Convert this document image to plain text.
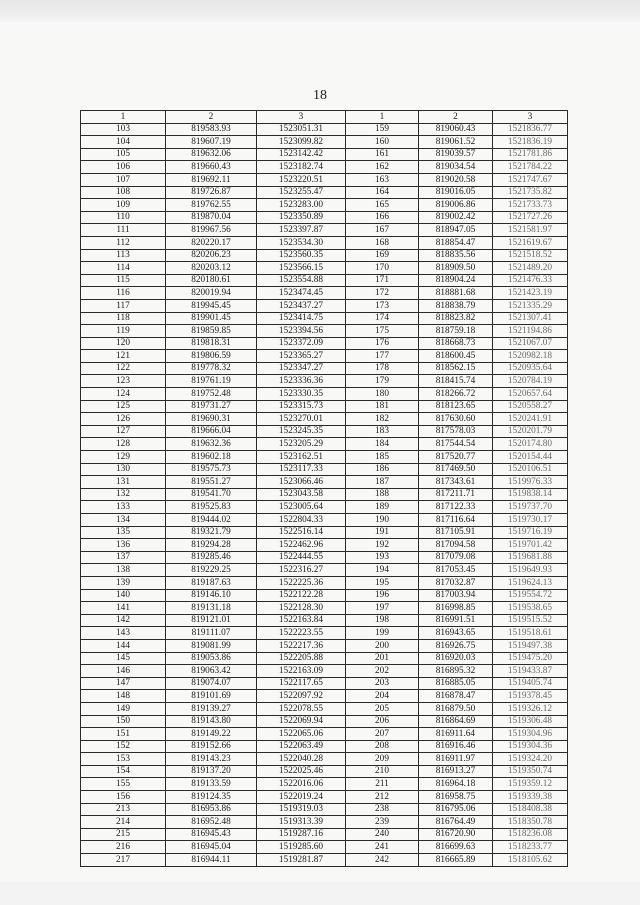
18
1	2	3	1	2	3
103	819583.93	1523051.31	159	819060.43	1521836.77
104	819607.19	1523099.82	160	819061.52	1521836.19
105	819632.06	1523142.42	161	819039.57	1521781.86
106	819660.43	1523182.74	162	819034.54	1521784.22
107	819692.11	1523220.51	163	819020.58	1521747.67
108	819726.87	1523255.47	164	819016.05	1521735.82
109	819762.55	1523283.00	165	819006.86	1521733.73
110	819870.04	1523350.89	166	819002.42	1521727.26
111	819967.56	1523397.87	167	818947.05	1521581.97
112	820220.17	1523534.30	168	818854.47	1521619.67
113	820206.23	1523560.35	169	818835.56	1521518.52
114	820203.12	1523566.15	170	818909.50	1521489.20
115	820180.61	1523554.88	171	818904.24	1521476.33
116	820019.94	1523474.45	172	818881.68	1521423.19
117	819945.45	1523437.27	173	818838.79	1521335.29
118	819901.45	1523414.75	174	818823.82	1521307.41
119	819859.85	1523394.56	175	818759.18	1521194.86
120	819818.31	1523372.09	176	818668.73	1521067.07
121	819806.59	1523365.27	177	818600.45	1520982.18
122	819778.32	1523347.27	178	818562.15	1520935.64
123	819761.19	1523336.36	179	818415.74	1520784.19
124	819752.48	1523330.35	180	818266.72	1520657.64
125	819731.27	1523315.73	181	818123.65	1520558.27
126	819690.31	1523270.01	182	817630.60	1520241.91
127	819666.04	1523245.35	183	817578.03	1520201.79
128	819632.36	1523205.29	184	817544.54	1520174.80
129	819602.18	1523162.51	185	817520.77	1520154.44
130	819575.73	1523117.33	186	817469.50	1520106.51
131	819551.27	1523066.46	187	817343.61	1519976.33
132	819541.70	1523043.58	188	817211.71	1519838.14
133	819525.83	1523005.64	189	817122.33	1519737.70
134	819444.02	1522804.33	190	817116.64	1519730.17
135	819321.79	1522516.14	191	817105.91	1519716.19
136	819294.28	1522462.96	192	817094.58	1519701.42
137	819285.46	1522444.55	193	817079.08	1519681.88
138	819229.25	1522316.27	194	817053.45	1519649.93
139	819187.63	1522225.36	195	817032.87	1519624.13
140	819146.10	1522122.28	196	817003.94	1519554.72
141	819131.18	1522128.30	197	816998.85	1519538.65
142	819121.01	1522163.84	198	816991.51	1519515.52
143	819111.07	1522223.55	199	816943.65	1519518.61
144	819081.99	1522217.36	200	816926.75	1519497.38
145	819053.86	1522205.88	201	816920.03	1519475.20
146	819063.42	1522163.09	202	816895.32	1519433.87
147	819074.07	1522117.65	203	816885.05	1519405.74
148	819101.69	1522097.92	204	816878.47	1519378.45
149	819139.27	1522078.55	205	816879.50	1519326.12
150	819143.80	1522069.94	206	816864.69	1519306.48
151	819149.22	1522065.06	207	816911.64	1519304.96
152	819152.66	1522063.49	208	816916.46	1519304.36
153	819143.23	1522040.28	209	816911.97	1519324.20
154	819137.20	1522025.46	210	816913.27	1519350.74
155	819133.59	1522016.06	211	816964.18	1519359.12
156	819124.35	1522019.24	212	816958.75	1519339.38
213	816953.86	1519319.03	238	816795.06	1518408.38
214	816952.48	1519313.39	239	816764.49	1518350.78
215	816945.43	1519287.16	240	816720.90	1518236.08
216	816945.04	1519285.60	241	816699.63	1518233.77
217	816944.11	1519281.87	242	816665.89	1518105.62
